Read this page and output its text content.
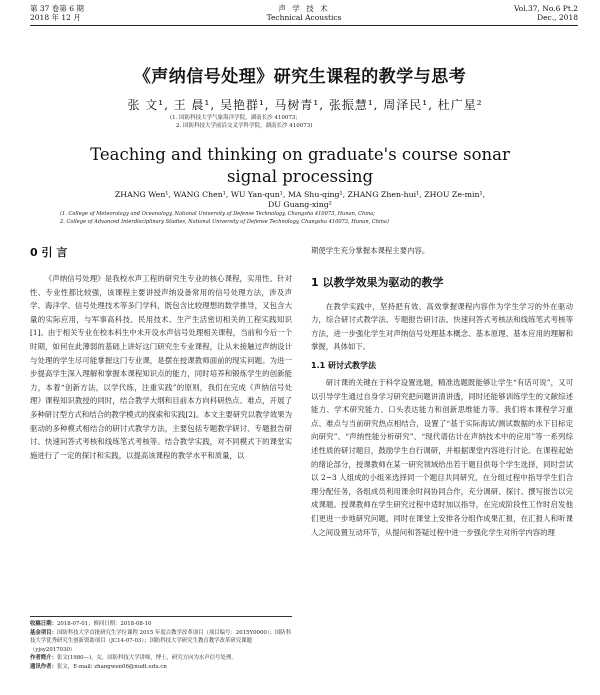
第 37 卷第 6 期
2018 年 12 月
声 学 技 术
Technical Acoustics
Vol.37, No.6 Pt.2
Dec., 2018
《声纳信号处理》研究生课程的教学与思考
张 文¹, 王 晨¹, 吴艳群¹, 马树青¹, 张振慧¹, 周泽民¹, 杜广星²
(1. 国防科技大学气象海洋学院，湖南长沙 410073；
2. 国防科技大学前沿交叉学科学院，湖南长沙 410073)
Teaching and thinking on graduate's course sonar
signal processing
ZHANG Wen¹, WANG Chen¹, WU Yan-qun¹, MA Shu-qing¹, ZHANG Zhen-hui¹, ZHOU Ze-min¹,
DU Guang-xing²
(1. College of Meteorology and Oceanology, National University of Defense Technology, Changsha 410073, Hunan, China;
2. College of Advanced Interdisciplinary Studies, National University of Defense Technology, Changsha 410073, Hunan, China)
0 引 言

《声纳信号处理》是我校水声工程的研究生专业的核心课程，实用性、针对性、专业性都比较强，该课程主要讲授声纳设备常用的信号处理方法，涉及声学、海洋学、信号处理技术等多门学科，既包含比较理想的数学推导，又包含大量的实际应用，与军事高科技、民用技术、生产生活密切相关的工程实践知识[1]。由于相关专业在校本科生中未开设水声信号处理相关课程，当前和今后一个时期，如何在此薄弱的基础上讲好这门研究生专业课程，让从未接触过声纳设计与处理的学生尽可能掌握这门专业课，是摆在授课教师面前的现实问题。为进一步提高学生深入理解和掌握本课程知识点的能力，同时培养和锻炼学生的创新能力，本着“创新方法，以学代练，注重实践”的原则，我们在完成《声纳信号处理》课程知识教授的同时，结合教学大纲和目前本方向科研热点、难点，开展了多种研讨型方式和结合的教学模式的探索和实践[2]。本文主要研究以教学效果为驱动的多种模式相结合的研讨式教学方法，主要包括专题教学研讨、专题报告研讨、快速问答式考核和线练笔式考核等。结合教学实践，对不同模式下的课堂实施进行了一定的探讨和实践，以提高该课程的教学水平和质量，以

收稿日期：2018-07-01；修回日期：2018-08-10
基金项目：国防科技大学首批研究生学位课程 2015 年度百教学改革项目（项目编号：2015Y0000）；国防科技大学优秀研究生创新资助项目（JC14-07-03）；国防科技大学研究生教育教学改革研究课题（yjsy2017030）
作者简介：张文(1980—)，女，国防科技大学讲师，博士，研究方向为水声信号处理。
通讯作者：张文，E-mail: zhangwen06@nudt.edu.cn

期使学生充分掌握本课程主要内容。

1 以教学效果为驱动的教学

在教学实践中，坚持把有效、高效掌握课程内容作为学生学习的外在驱动力，综合研讨式教学法、专题报告研讨法、快速问答式考核法和线练笔式考核等方法，进一步强化学生对声纳信号处理基本概念、基本原理、基本应用的理解和掌握，具体如下。

1.1 研讨式教学法

研讨课的关键在于科学设置选题，精准选题既能够让学生“有话可说”，又可以引导学生通过自身学习研究把问题讲清讲透，同时还能够训练学生的文献综述能力、学术研究能力、口头表达能力和创新思维能力等。我们将本课程学习重点、难点与当前研究热点相结合，设置了“基于实际海试/测试数据的水下目标定向研究”、“声纳性能分析研究”、“现代谱估计在声纳技术中的应用”等一系列综述性质的研讨题目，鼓励学生自行调研，并根据课堂内容进行讨论。在课程起始的绪论部分，授课教师在某一研究领域给出若干题目供每个学生选择，同时尝试以 2~3 人组成的小组来选择同一个题目共同研究，在分组过程中指导学生们合理分配任务，各组成员利用课余时间协同合作，充分调研、探讨、撰写报告以完成课题。授课教师在学生研究过程中适时加以指导，在完成阶段性工作时启发他们更进一步地研究问题，同时在课堂上安排各分组作成果汇报，在汇报人和听课人之间设置互动环节，从提问和答疑过程中进一步强化学生对所学内容的理
